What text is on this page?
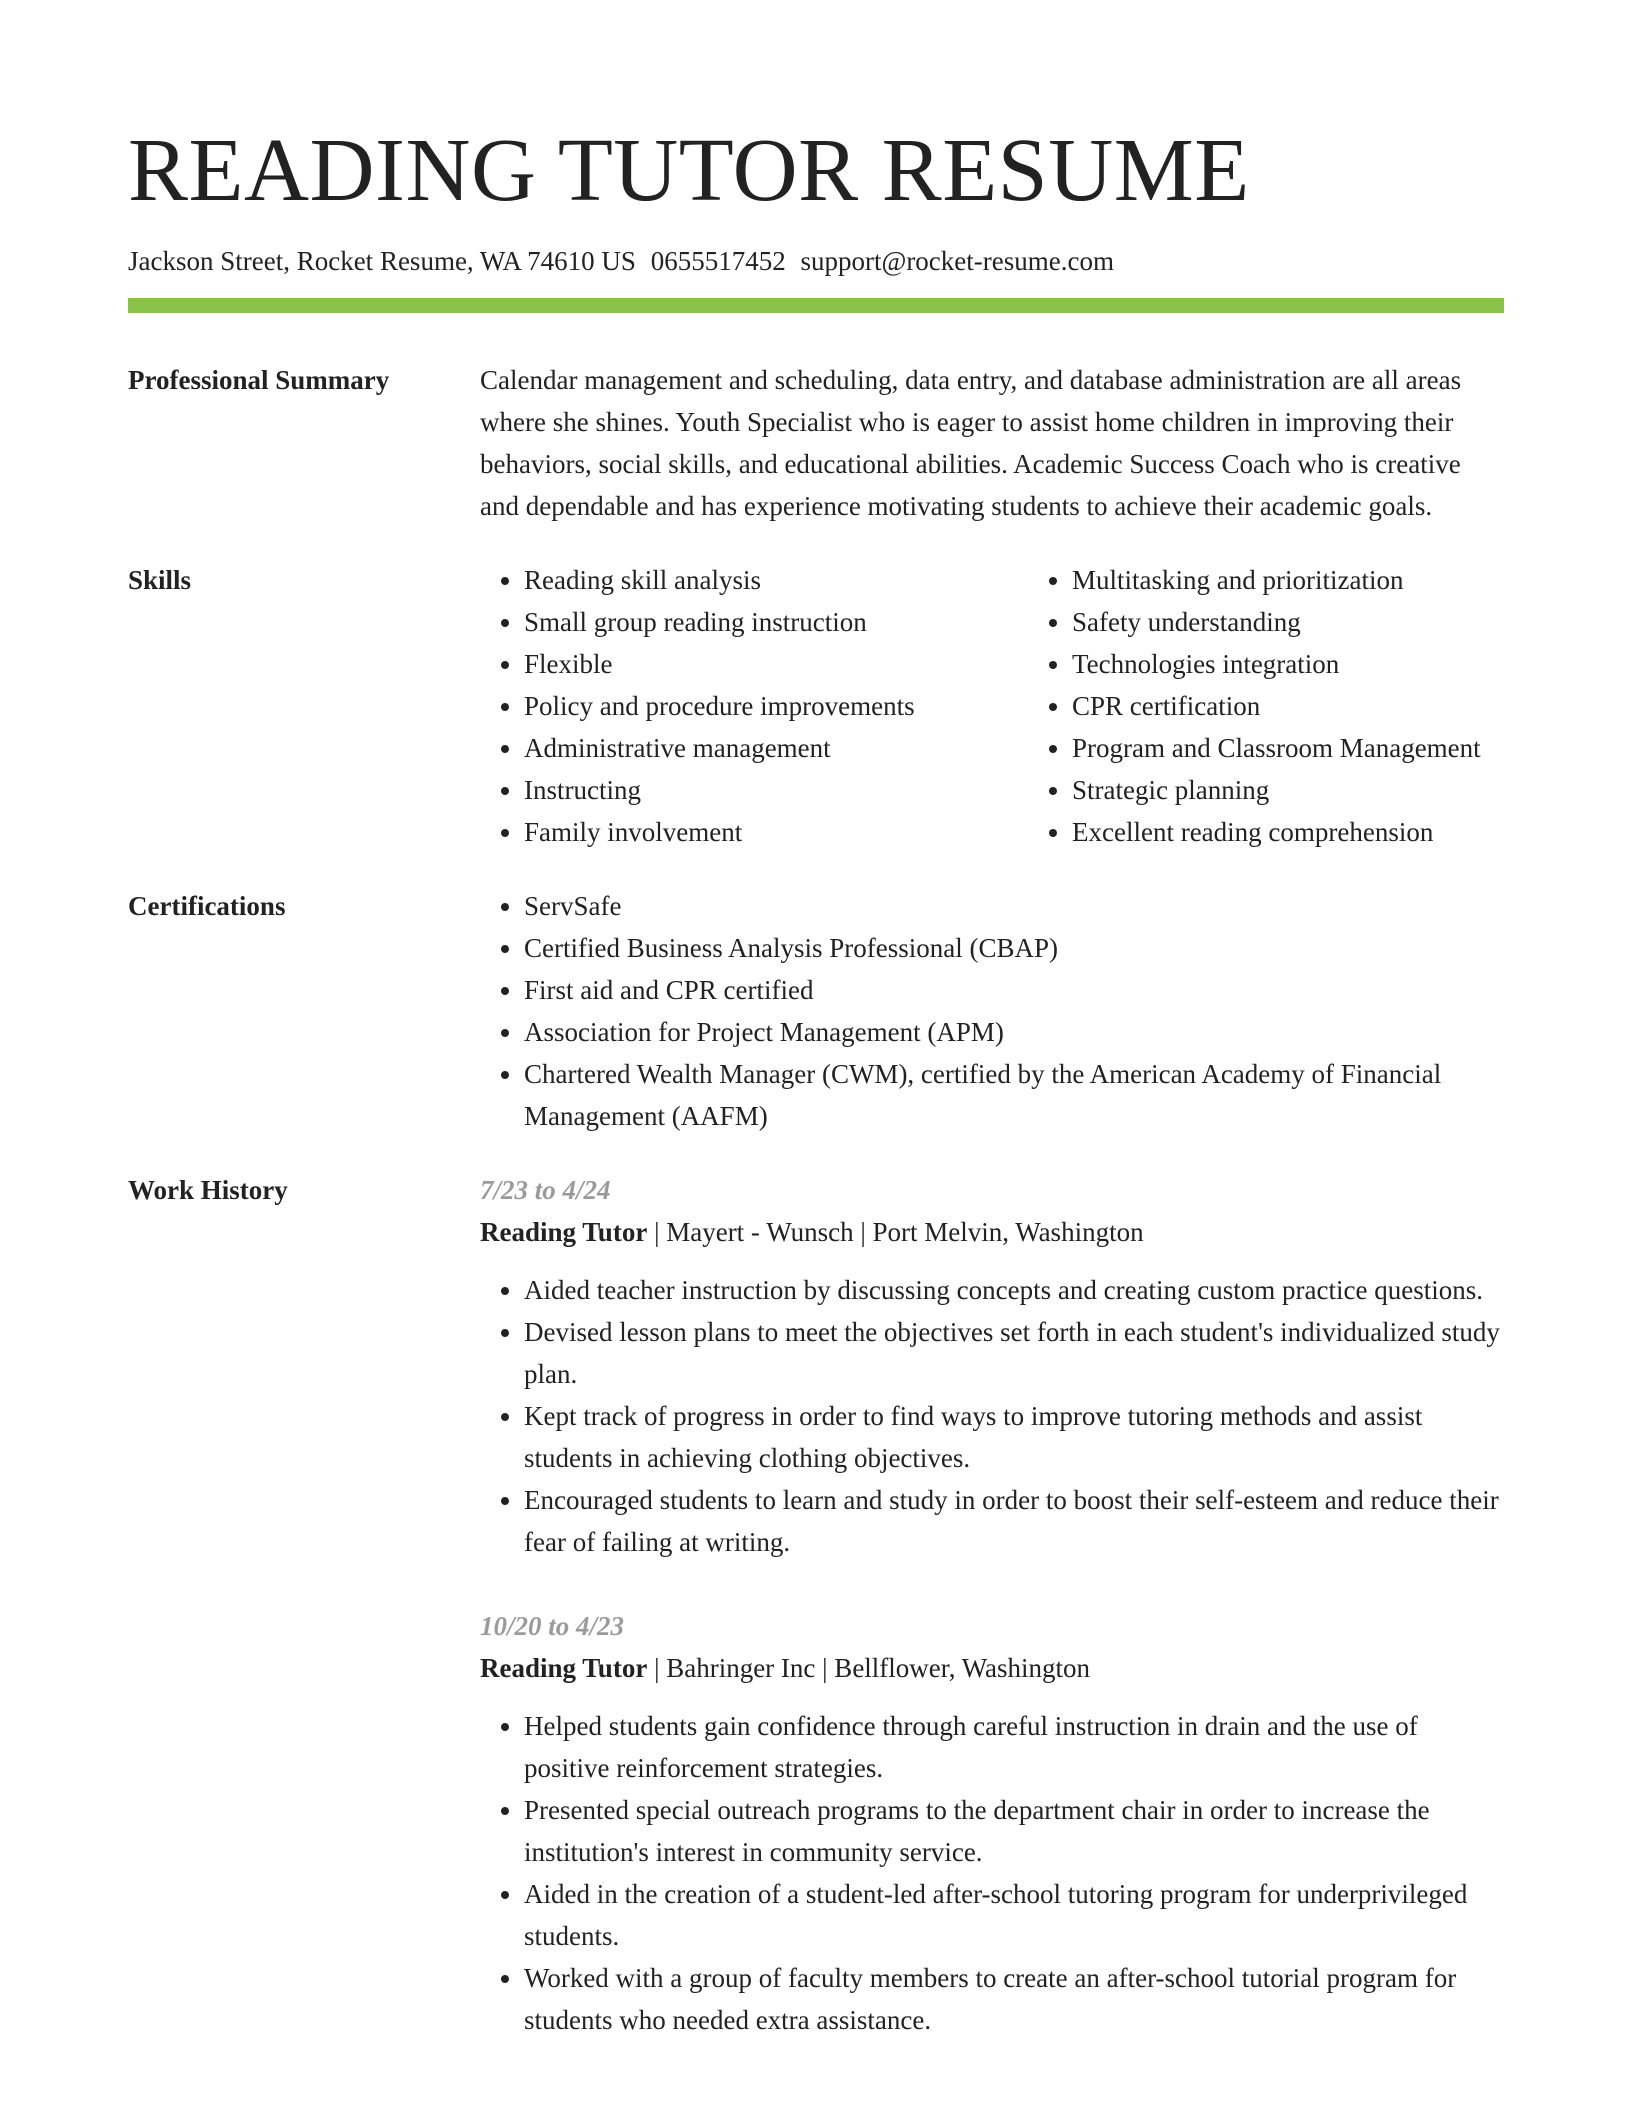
READING TUTOR RESUME
Jackson Street, Rocket Resume, WA 74610 US 0655517452 support@rocket-resume.com
Professional Summary	Calendar management and scheduling, data entry, and database administration are all areas where she shines. Youth Specialist who is eager to assist home children in improving their behaviors, social skills, and educational abilities. Academic Success Coach who is creative and dependable and has experience motivating students to achieve their academic goals.

Skills	• Reading skill analysis
• Small group reading instruction
• Flexible
• Policy and procedure improvements
• Administrative management
• Instructing
• Family involvement
• Multitasking and prioritization
• Safety understanding
• Technologies integration
• CPR certification
• Program and Classroom Management
• Strategic planning
• Excellent reading comprehension
Certifications	• ServSafe
• Certified Business Analysis Professional (CBAP)
• First aid and CPR certified
• Association for Project Management (APM)
• Chartered Wealth Manager (CWM), certified by the American Academy of Financial Management (AAFM)
Work History	7/23 to 4/24
Reading Tutor | Mayert - Wunsch | Port Melvin, Washington
• Aided teacher instruction by discussing concepts and creating custom practice questions.
• Devised lesson plans to meet the objectives set forth in each student's individualized study plan.
• Kept track of progress in order to find ways to improve tutoring methods and assist students in achieving clothing objectives.
• Encouraged students to learn and study in order to boost their self-esteem and reduce their fear of failing at writing.
10/20 to 4/23
Reading Tutor | Bahringer Inc | Bellflower, Washington
• Helped students gain confidence through careful instruction in drain and the use of positive reinforcement strategies.
• Presented special outreach programs to the department chair in order to increase the institution's interest in community service.
• Aided in the creation of a student-led after-school tutoring program for underprivileged students.
• Worked with a group of faculty members to create an after-school tutorial program for students who needed extra assistance.
